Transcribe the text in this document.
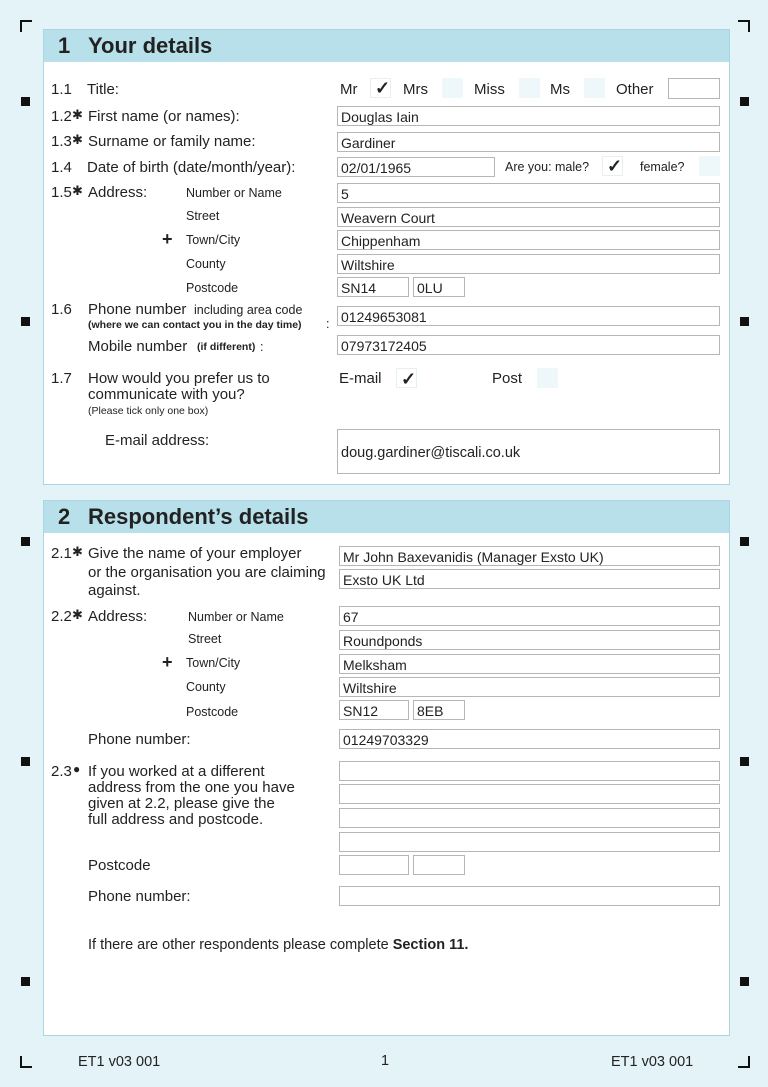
1 Your details
1.1 Title:	Mr ✓ Mrs	Miss	Ms	Other
1.2 ✱ First name (or names):	Douglas Iain
1.3 ✱ Surname or family name:	Gardiner
1.4 Date of birth (date/month/year):	02/01/1965	Are you: male? ✓ female?
1.5 ✱ Address:	Number or Name	5
Street	Weavern Court
+ Town/City	Chippenham
County	Wiltshire
Postcode	SN14	0LU
1.6 Phone number including area code
(where we can contact you in the day time) : 01249653081
Mobile number (if different) :	07973172405
1.7 How would you prefer us to
communicate with you?
(Please tick only one box)
E-mail ✓	Post
E-mail address:
doug.gardiner@tiscali.co.uk
2 Respondent’s details
2.1 ✱ Give the name of your employer
or the organisation you are claiming
against.
Mr John Baxevanidis (Manager Exsto UK)
Exsto UK Ltd
2.2 ✱ Address:	Number or Name	67
Street	Roundponds
+ Town/City	Melksham
County	Wiltshire
Postcode	SN12	8EB
Phone number:	01249703329
2.3 ● If you worked at a different
address from the one you have
given at 2.2, please give the
full address and postcode.
Postcode
Phone number:
If there are other respondents please complete Section 11.
ET1 v03 001	1	ET1 v03 001
